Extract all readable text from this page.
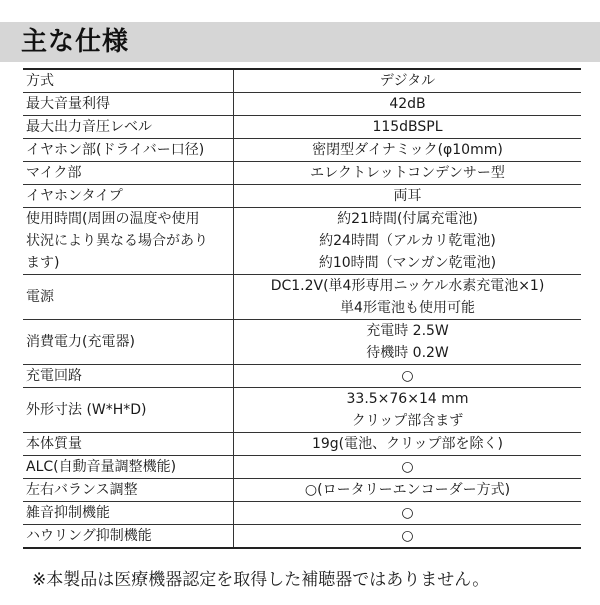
主な仕様
方式	デジタル

最大音量利得	42dB

最大出力音圧レベル	115dBSPL

イヤホン部(ドライバー口径)	密閉型ダイナミック(φ10mm)

マイク部	エレクトレットコンデンサー型

イヤホンタイプ	両耳

使用時間(周囲の温度や使用
状況により異なる場合があり
ます)	約21時間(付属充電池)
約24時間（アルカリ乾電池)
約10時間（マンガン乾電池)

電源	DC1.2V(単4形専用ニッケル水素充電池×1)
単4形電池も使用可能

消費電力(充電器)	充電時 2.5W
待機時 0.2W

充電回路	○

外形寸法 (W*H*D)	33.5×76×14 mm
クリップ部含まず

本体質量	19g(電池、クリップ部を除く)

ALC(自動音量調整機能)	○

左右バランス調整	○(ロータリーエンコーダー方式)

雑音抑制機能	○

ハウリング抑制機能	○
※本製品は医療機器認定を取得した補聴器ではありません。
